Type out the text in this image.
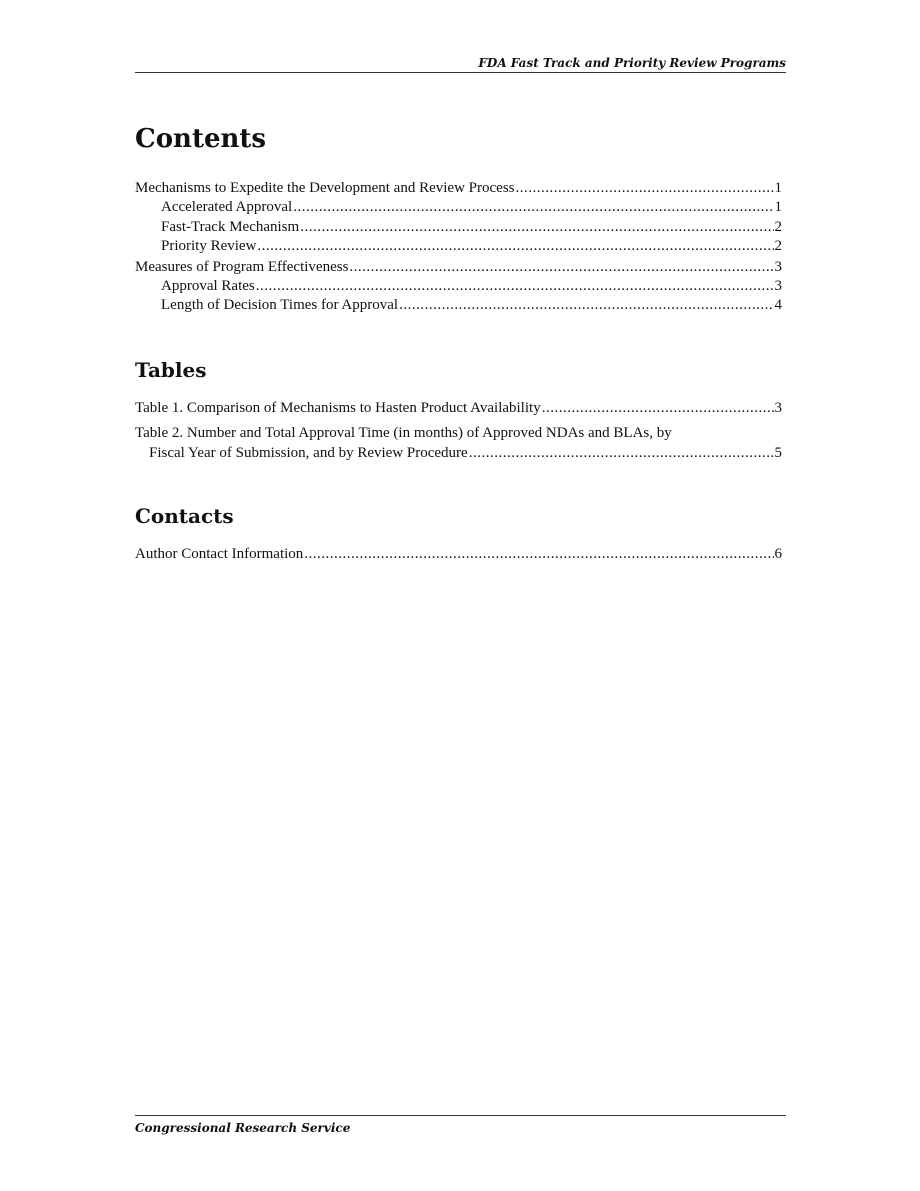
FDA Fast Track and Priority Review Programs
Contents
Mechanisms to Expedite the Development and Review Process .....	1
Accelerated Approval .....	1
Fast-Track Mechanism .....	2
Priority Review .....	2
Measures of Program Effectiveness .....	3
Approval Rates .....	3
Length of Decision Times for Approval .....	4
Tables
Table 1. Comparison of Mechanisms to Hasten Product Availability .....	3
Table 2. Number and Total Approval Time (in months) of Approved NDAs and BLAs, by
Fiscal Year of Submission, and by Review Procedure .....	5
Contacts
Author Contact Information .....	6
Congressional Research Service
